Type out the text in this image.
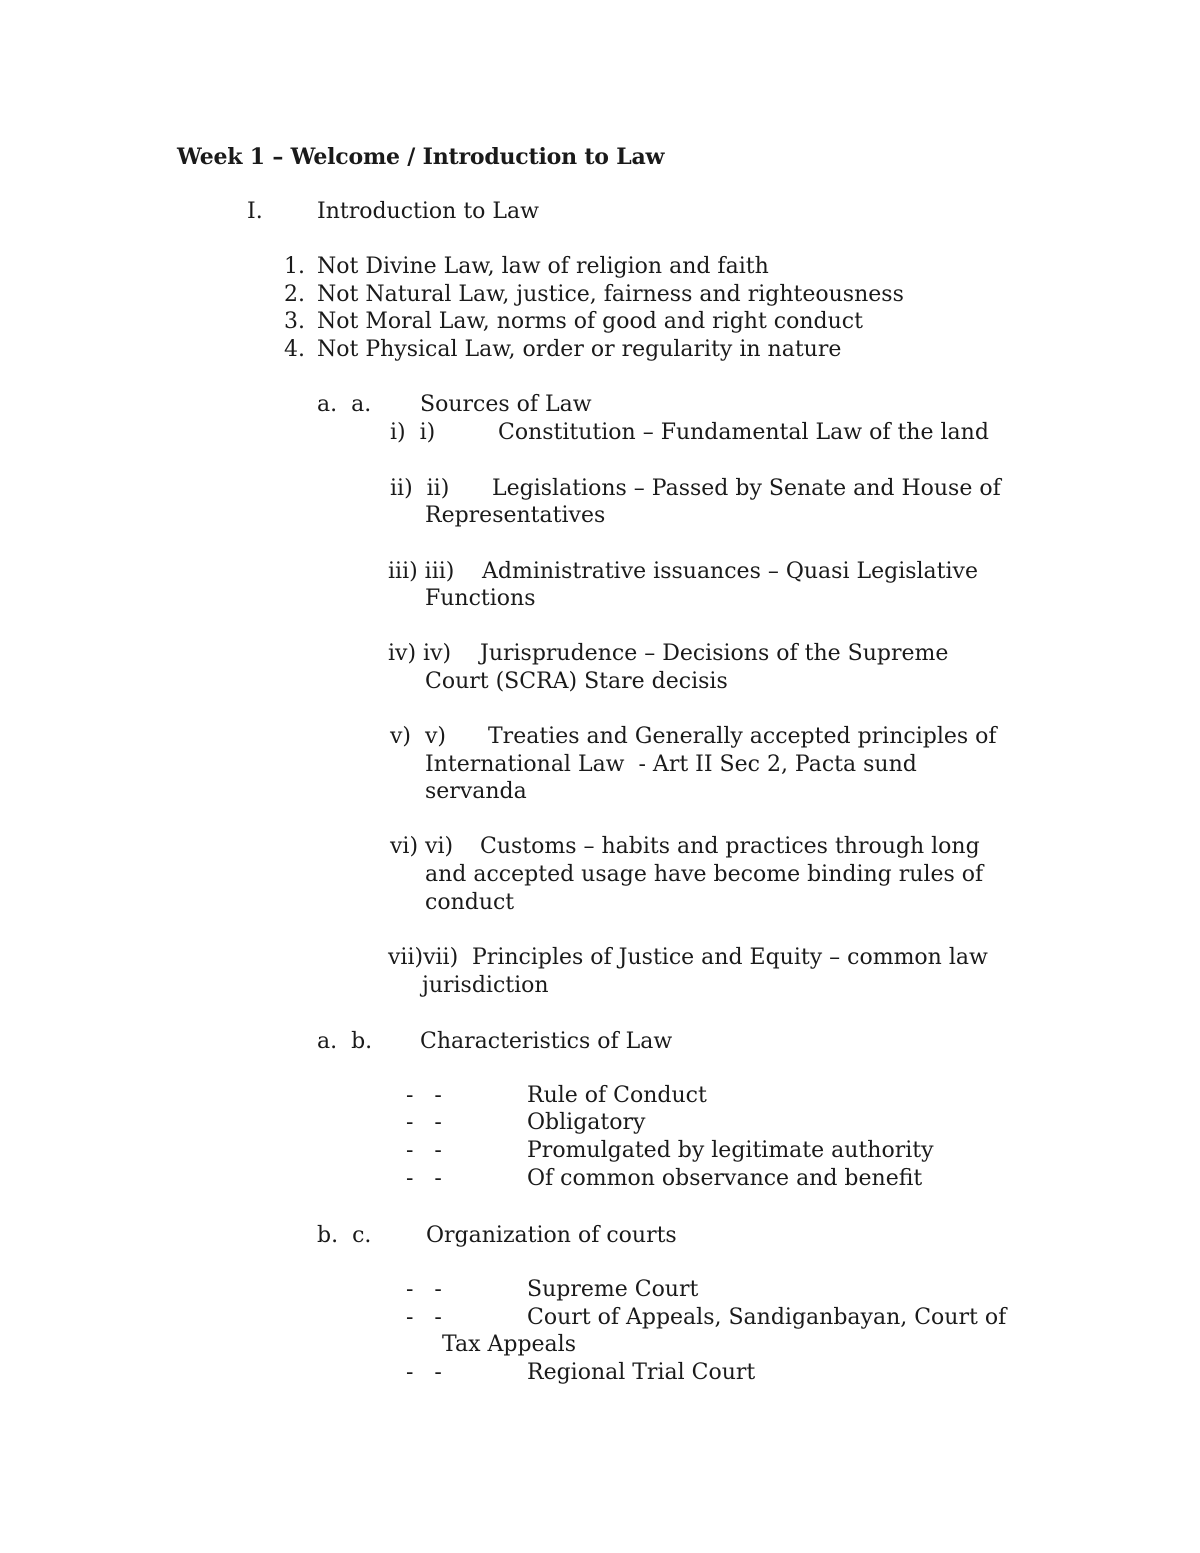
Week 1 – Welcome / Introduction to Law
I. Introduction to Law
1. Not Divine Law, law of religion and faith
2. Not Natural Law, justice, fairness and righteousness
3. Not Moral Law, norms of good and right conduct
4. Not Physical Law, order or regularity in nature
a.  a. Sources of Law
i)  i)	Constitution – Fundamental Law of the land
ii)  ii) Legislations – Passed by Senate and House of
Representatives
iii) iii) Administrative issuances – Quasi Legislative
Functions
iv) iv) Jurisprudence – Decisions of the Supreme
Court (SCRA) Stare decisis
v)  v) Treaties and Generally accepted principles of
International Law  - Art II Sec 2, Pacta sund
servanda
vi) vi) Customs – habits and practices through long
and accepted usage have become binding rules of
conduct
vii)vii) Principles of Justice and Equity – common law
jurisdiction
a.  b. Characteristics of Law
-   -	Rule of Conduct
-   -	Obligatory
-   -	Promulgated by legitimate authority
-   -	Of common observance and benefit
b.  c. Organization of courts
-   -	Supreme Court
-   -	Court of Appeals, Sandiganbayan, Court of
Tax Appeals
-   -	Regional Trial Court
